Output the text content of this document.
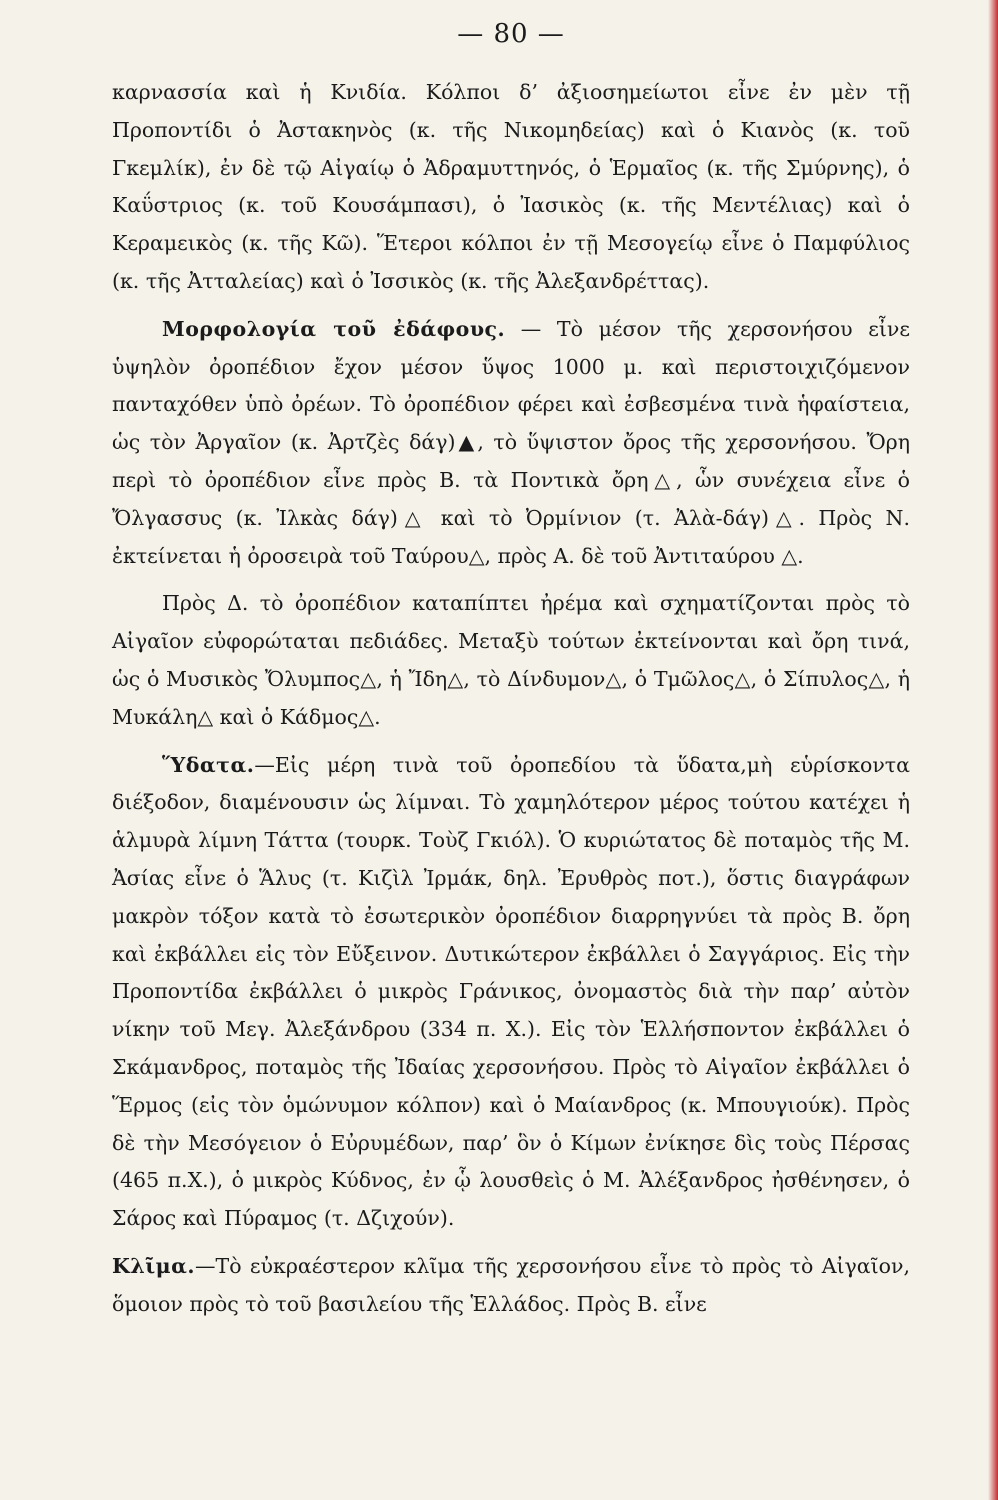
— 80 —

καρνασσία καὶ ἡ Κνιδία. Κόλποι δ’ ἀξιοσημείωτοι εἶνε ἐν μὲν τῇ Προποντίδι ὁ Ἀστακηνὸς (κ. τῆς Νικομηδείας) καὶ ὁ Κιανὸς (κ. τοῦ Γκεμλίκ), ἐν δὲ τῷ Αἰγαίῳ ὁ Ἀδραμυττηνός, ὁ Ἑρμαῖος (κ. τῆς Σμύρνης), ὁ Καΰστριος (κ. τοῦ Κουσάμπασι), ὁ Ἰασικὸς (κ. τῆς Μεντέλιας) καὶ ὁ Κεραμεικὸς (κ. τῆς Κῶ). Ἕτεροι κόλποι ἐν τῇ Μεσογείῳ εἶνε ὁ Παμφύλιος (κ. τῆς Ἀτταλείας) καὶ ὁ Ἰσσικὸς (κ. τῆς Ἀλεξανδρέττας).

Μορφολογία τοῦ ἐδάφους. — Τὸ μέσον τῆς χερσονήσου εἶνε ὑψηλὸν ὀροπέδιον ἔχον μέσον ὕψος 1000 μ. καὶ περιστοιχιζόμενον πανταχόθεν ὑπὸ ὀρέων. Τὸ ὀροπέδιον φέρει καὶ ἐσβεσμένα τινὰ ἡφαίστεια, ὡς τὸν Ἀργαῖον (κ. Ἀρτζὲς δάγ)▲, τὸ ὕψιστον ὄρος τῆς χερσονήσου. Ὄρη περὶ τὸ ὀροπέδιον εἶνε πρὸς Β. τὰ Ποντικὰ ὄρη△, ὧν συνέχεια εἶνε ὁ Ὄλγασσυς (κ. Ἰλκὰς δάγ)△ καὶ τὸ Ὀρμίνιον (τ. Ἀλὰ-δάγ)△. Πρὸς Ν. ἐκτείνεται ἡ ὀροσειρὰ τοῦ Ταύρου△, πρὸς Α. δὲ τοῦ Ἀντιταύρου △.

Πρὸς Δ. τὸ ὀροπέδιον καταπίπτει ἠρέμα καὶ σχηματίζονται πρὸς τὸ Αἰγαῖον εὐφορώταται πεδιάδες. Μεταξὺ τούτων ἐκτείνονται καὶ ὄρη τινά, ὡς ὁ Μυσικὸς Ὄλυμπος△, ἡ Ἴδη△, τὸ Δίνδυμον△, ὁ Τμῶλος△, ὁ Σίπυλος△, ἡ Μυκάλη△ καὶ ὁ Κάδμος△.

Ὕδατα.—Εἰς μέρη τινὰ τοῦ ὀροπεδίου τὰ ὕδατα,μὴ εὑρίσκοντα διέξοδον, διαμένουσιν ὡς λίμναι. Τὸ χαμηλότερον μέρος τούτου κατέχει ἡ ἁλμυρὰ λίμνη Τάττα (τουρκ. Τοὺζ Γκιόλ). Ὁ κυριώτατος δὲ ποταμὸς τῆς Μ. Ἀσίας εἶνε ὁ Ἅλυς (τ. Κιζὶλ Ἰρμάκ, δηλ. Ἐρυθρὸς ποτ.), ὅστις διαγράφων μακρὸν τόξον κατὰ τὸ ἐσωτερικὸν ὀροπέδιον διαρρηγνύει τὰ πρὸς Β. ὄρη καὶ ἐκβάλλει εἰς τὸν Εὔξεινον. Δυτικώτερον ἐκβάλλει ὁ Σαγγάριος. Εἰς τὴν Προποντίδα ἐκβάλλει ὁ μικρὸς Γράνικος, ὀνομαστὸς διὰ τὴν παρ’ αὐτὸν νίκην τοῦ Μεγ. Ἀλεξάνδρου (334 π. Χ.). Εἰς τὸν Ἑλλήσποντον ἐκβάλλει ὁ Σκάμανδρος, ποταμὸς τῆς Ἰδαίας χερσονήσου. Πρὸς τὸ Αἰγαῖον ἐκβάλλει ὁ Ἕρμος (εἰς τὸν ὁμώνυμον κόλπον) καὶ ὁ Μαίανδρος (κ. Μπουγιούκ). Πρὸς δὲ τὴν Μεσόγειον ὁ Εὐρυμέδων, παρ’ ὃν ὁ Κίμων ἐνίκησε δὶς τοὺς Πέρσας (465 π.Χ.), ὁ μικρὸς Κύδνος, ἐν ᾧ λουσθεὶς ὁ Μ. Ἀλέξανδρος ἠσθένησεν, ὁ Σάρος καὶ Πύραμος (τ. Δζιχούν).

Κλῖμα.—Τὸ εὐκραέστερον κλῖμα τῆς χερσονήσου εἶνε τὸ πρὸς τὸ Αἰγαῖον, ὅμοιον πρὸς τὸ τοῦ βασιλείου τῆς Ἑλλάδος. Πρὸς Β. εἶνε
